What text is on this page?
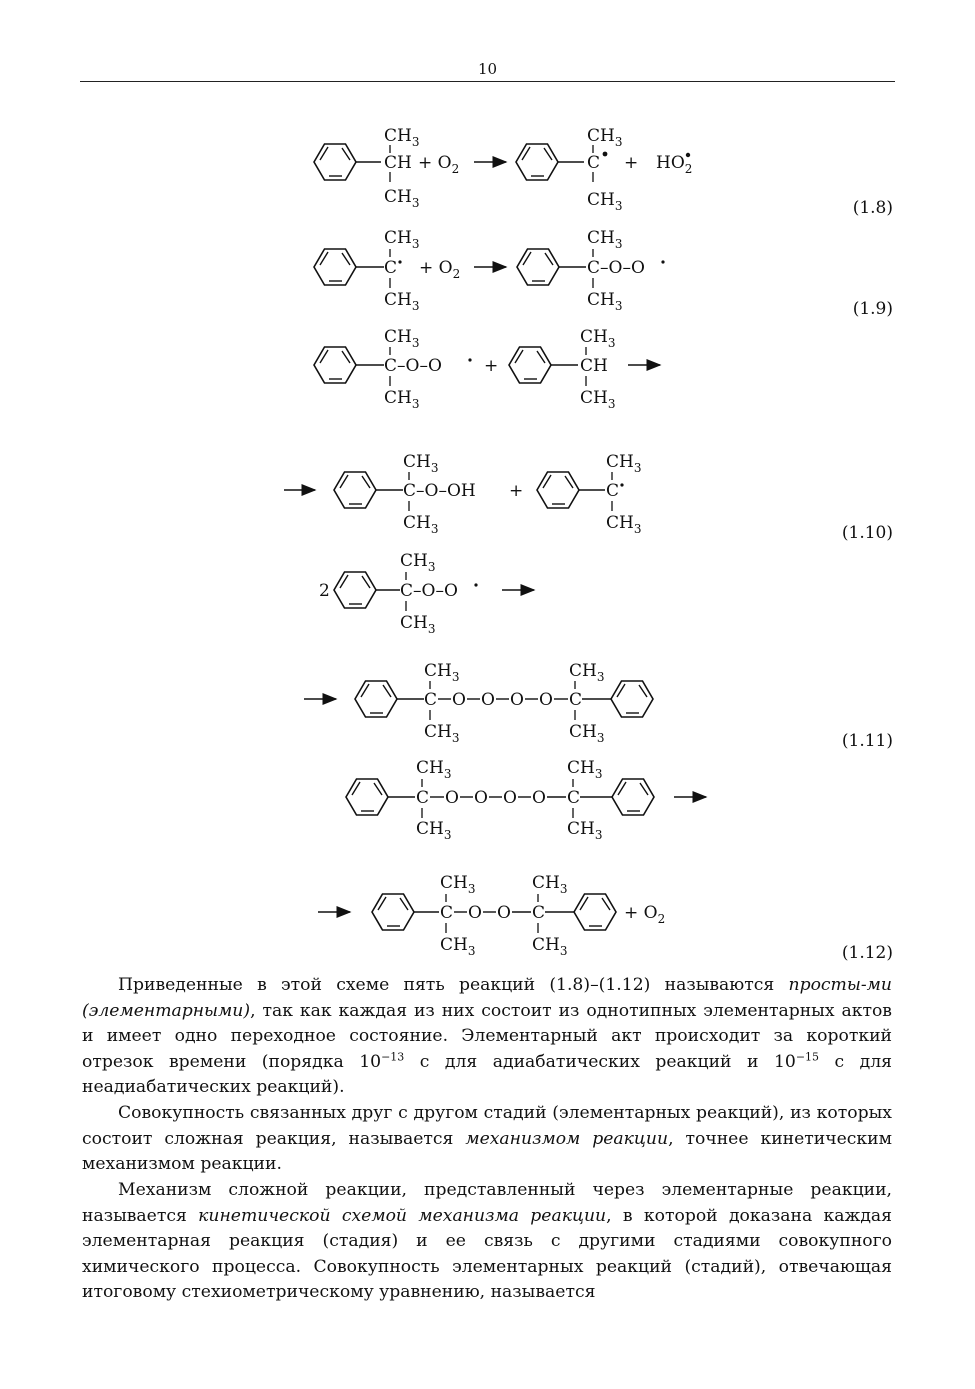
10
$CH_3$
CH
$CH_3$
+ $O_2$
$CH_3$
C
$CH_3$
+ $HO_2$
$CH_3$
C
$CH_3$
+ $O_2$
$CH_3$
C–O–O
$CH_3$
$CH_3$
C–O–O
$CH_3$
+
$CH_3$
CH
$CH_3$
$CH_3$
C–O–OH
$CH_3$
+
$CH_3$
C
$CH_3$
2
$CH_3$
C–O–O
$CH_3$
$CH_3$
C O O O O
$CH_3$
C
$CH_3$	$CH_3$
$CH_3$
C O O O O
$CH_3$
C
$CH_3$	$CH_3$
$CH_3$
C O O
$CH_3$
C
$CH_3$	$CH_3$
+ $O_2$
(1.8)
(1.9)
(1.10)
(1.11)
(1.12)
Приведенные в этой схеме пять реакций (1.8)–(1.12) называются просты-ми (элементарными), так как каждая из них состоит из однотипных элементарных актов и имеет одно переходное состояние. Элементарный акт происходит за короткий отрезок времени (порядка $10^{-13}$ с для адиабатических реакций и $10^{-15}$ с для неадиабатических реакций).
Совокупность связанных друг с другом стадий (элементарных реакций), из которых состоит сложная реакция, называется механизмом реакции, точнее кинетическим механизмом реакции.
Механизм сложной реакции, представленный через элементарные реакции, называется кинетической схемой механизма реакции, в которой доказана каждая элементарная реакция (стадия) и ее связь с другими стадиями совокупного химического процесса. Совокупность элементарных реакций (стадий), отвечающая итоговому стехиометрическому уравнению, называется
